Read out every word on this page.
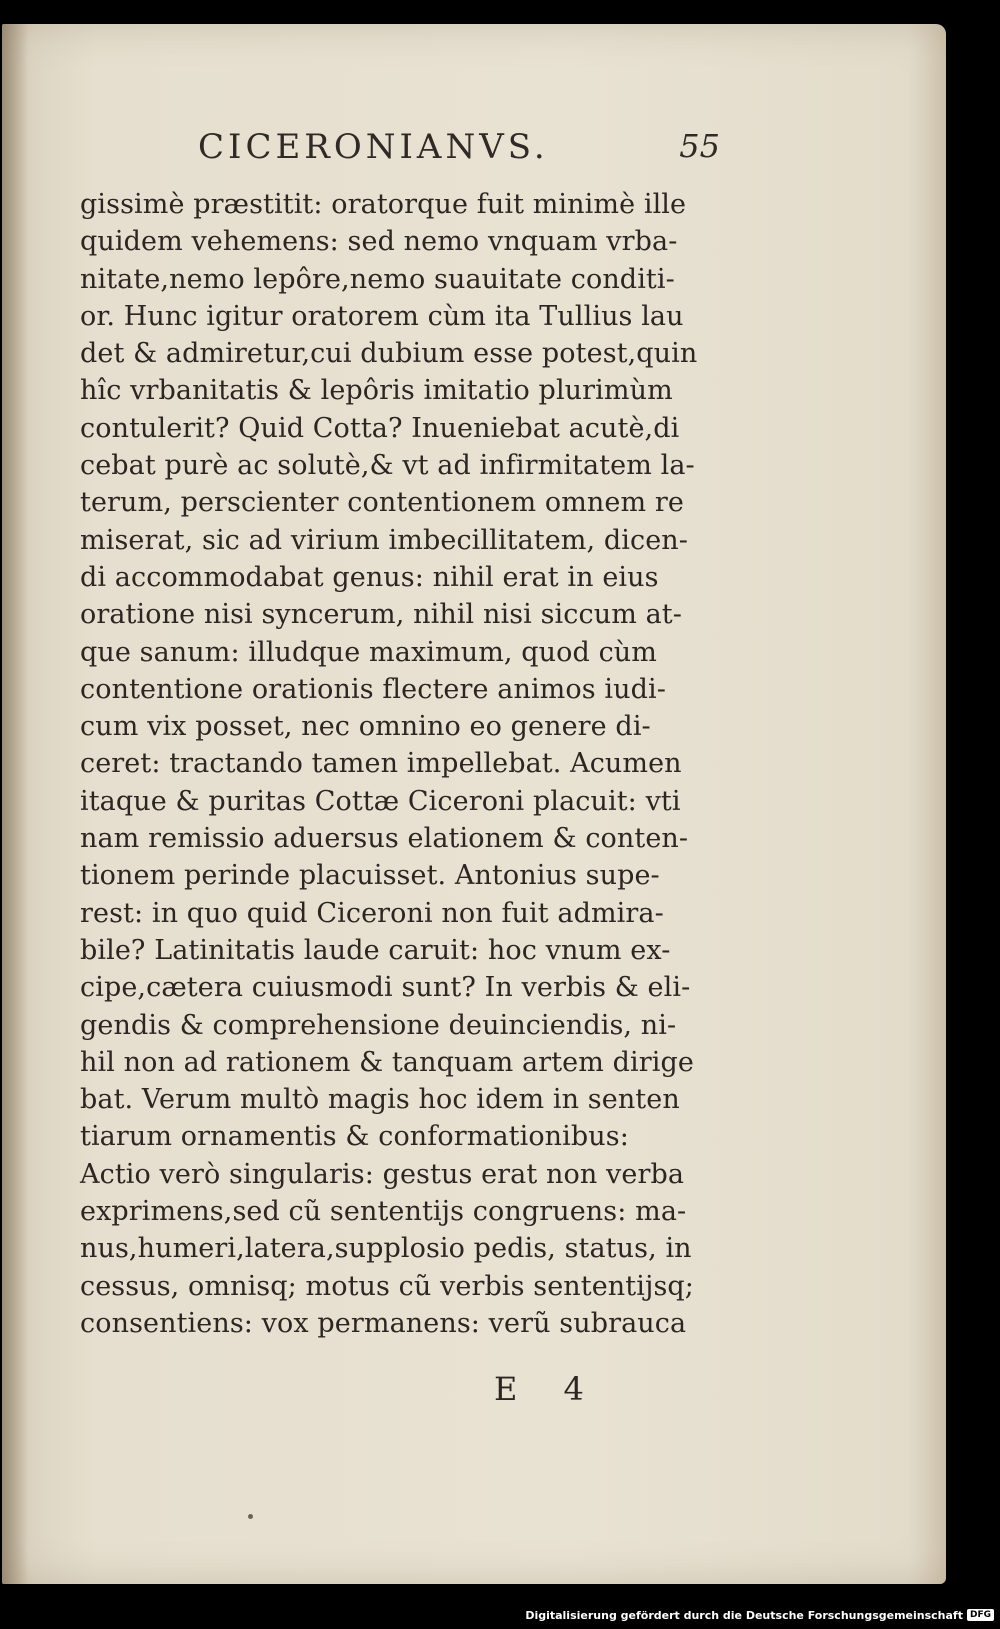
CICERONIANVS.	55
gissimè præstitit: oratorque fuit minimè ille
quidem vehemens: sed nemo vnquam vrba-
nitate,nemo lepôre,nemo suauitate conditi-
or. Hunc igitur oratorem cùm ita Tullius lau
det & admiretur,cui dubium esse potest,quin
hîc vrbanitatis & lepôris imitatio plurimùm
contulerit? Quid Cotta? Inueniebat acutè,di
cebat purè ac solutè,& vt ad infirmitatem la-
terum, perscienter contentionem omnem re
miserat, sic ad virium imbecillitatem, dicen-
di accommodabat genus: nihil erat in eius
oratione nisi syncerum, nihil nisi siccum at-
que sanum: illudque maximum, quod cùm
contentione orationis flectere animos iudi-
cum vix posset, nec omnino eo genere di-
ceret: tractando tamen impellebat. Acumen
itaque & puritas Cottæ Ciceroni placuit: vti
nam remissio aduersus elationem & conten-
tionem perinde placuisset. Antonius supe-
rest: in quo quid Ciceroni non fuit admira-
bile? Latinitatis laude caruit: hoc vnum ex-
cipe,cætera cuiusmodi sunt? In verbis & eli-
gendis & comprehensione deuinciendis, ni-
hil non ad rationem & tanquam artem dirige
bat. Verum multò magis hoc idem in senten
tiarum ornamentis & conformationibus:
Actio verò singularis: gestus erat non verba
exprimens,sed cũ sententijs congruens: ma-
nus,humeri,latera,supplosio pedis, status, in
cessus, omnisq; motus cũ verbis sententijsq;
consentiens: vox permanens: verũ subrauca
E 4
Digitalisierung gefördert durch die Deutsche Forschungsgemeinschaft DFG
